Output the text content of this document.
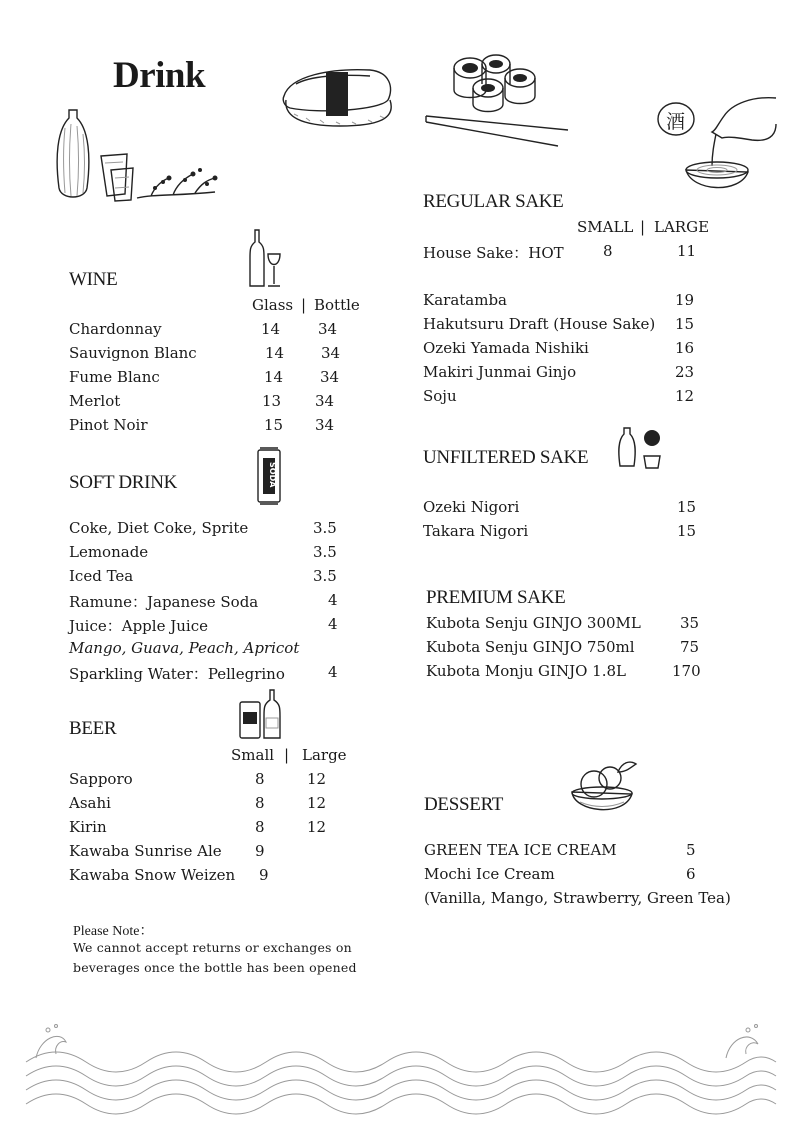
Drink
酒
SODA
WINE
Glass | Bottle
Chardonnay	14	34
Sauvignon Blanc	14 34
Fume Blanc	14 34
Merlot	13 34
Pinot Noir	15 34
SOFT DRINK
Coke, Diet Coke, Sprite	3.5
Lemonade	3.5
Iced Tea	3.5
Ramune：Japanese Soda	4
Juice：Apple Juice	4
Mango, Guava, Peach, Apricot
Sparkling Water：Pellegrino	4
BEER
Small | Large
Sapporo	8	12
Asahi	8	12
Kirin	8	12
Kawaba Sunrise Ale 9
Kawaba Snow Weizen 9
Please Note：
We cannot accept returns or exchanges on
beverages once the bottle has been opened
REGULAR SAKE
SMALL | LARGE
House Sake：HOT	8	11
Karatamba	19
Hakutsuru Draft (House Sake) 15
Ozeki Yamada Nishiki	16
Makiri Junmai Ginjo	23
Soju	12
UNFILTERED SAKE
Ozeki Nigori	15
Takara Nigori	15
PREMIUM SAKE
Kubota Senju GINJO 300ML	35
Kubota Senju GINJO 750ml	75
Kubota Monju GINJO 1.8L	170
DESSERT
GREEN TEA ICE CREAM	5
Mochi Ice Cream	6
(Vanilla, Mango, Strawberry, Green Tea)
